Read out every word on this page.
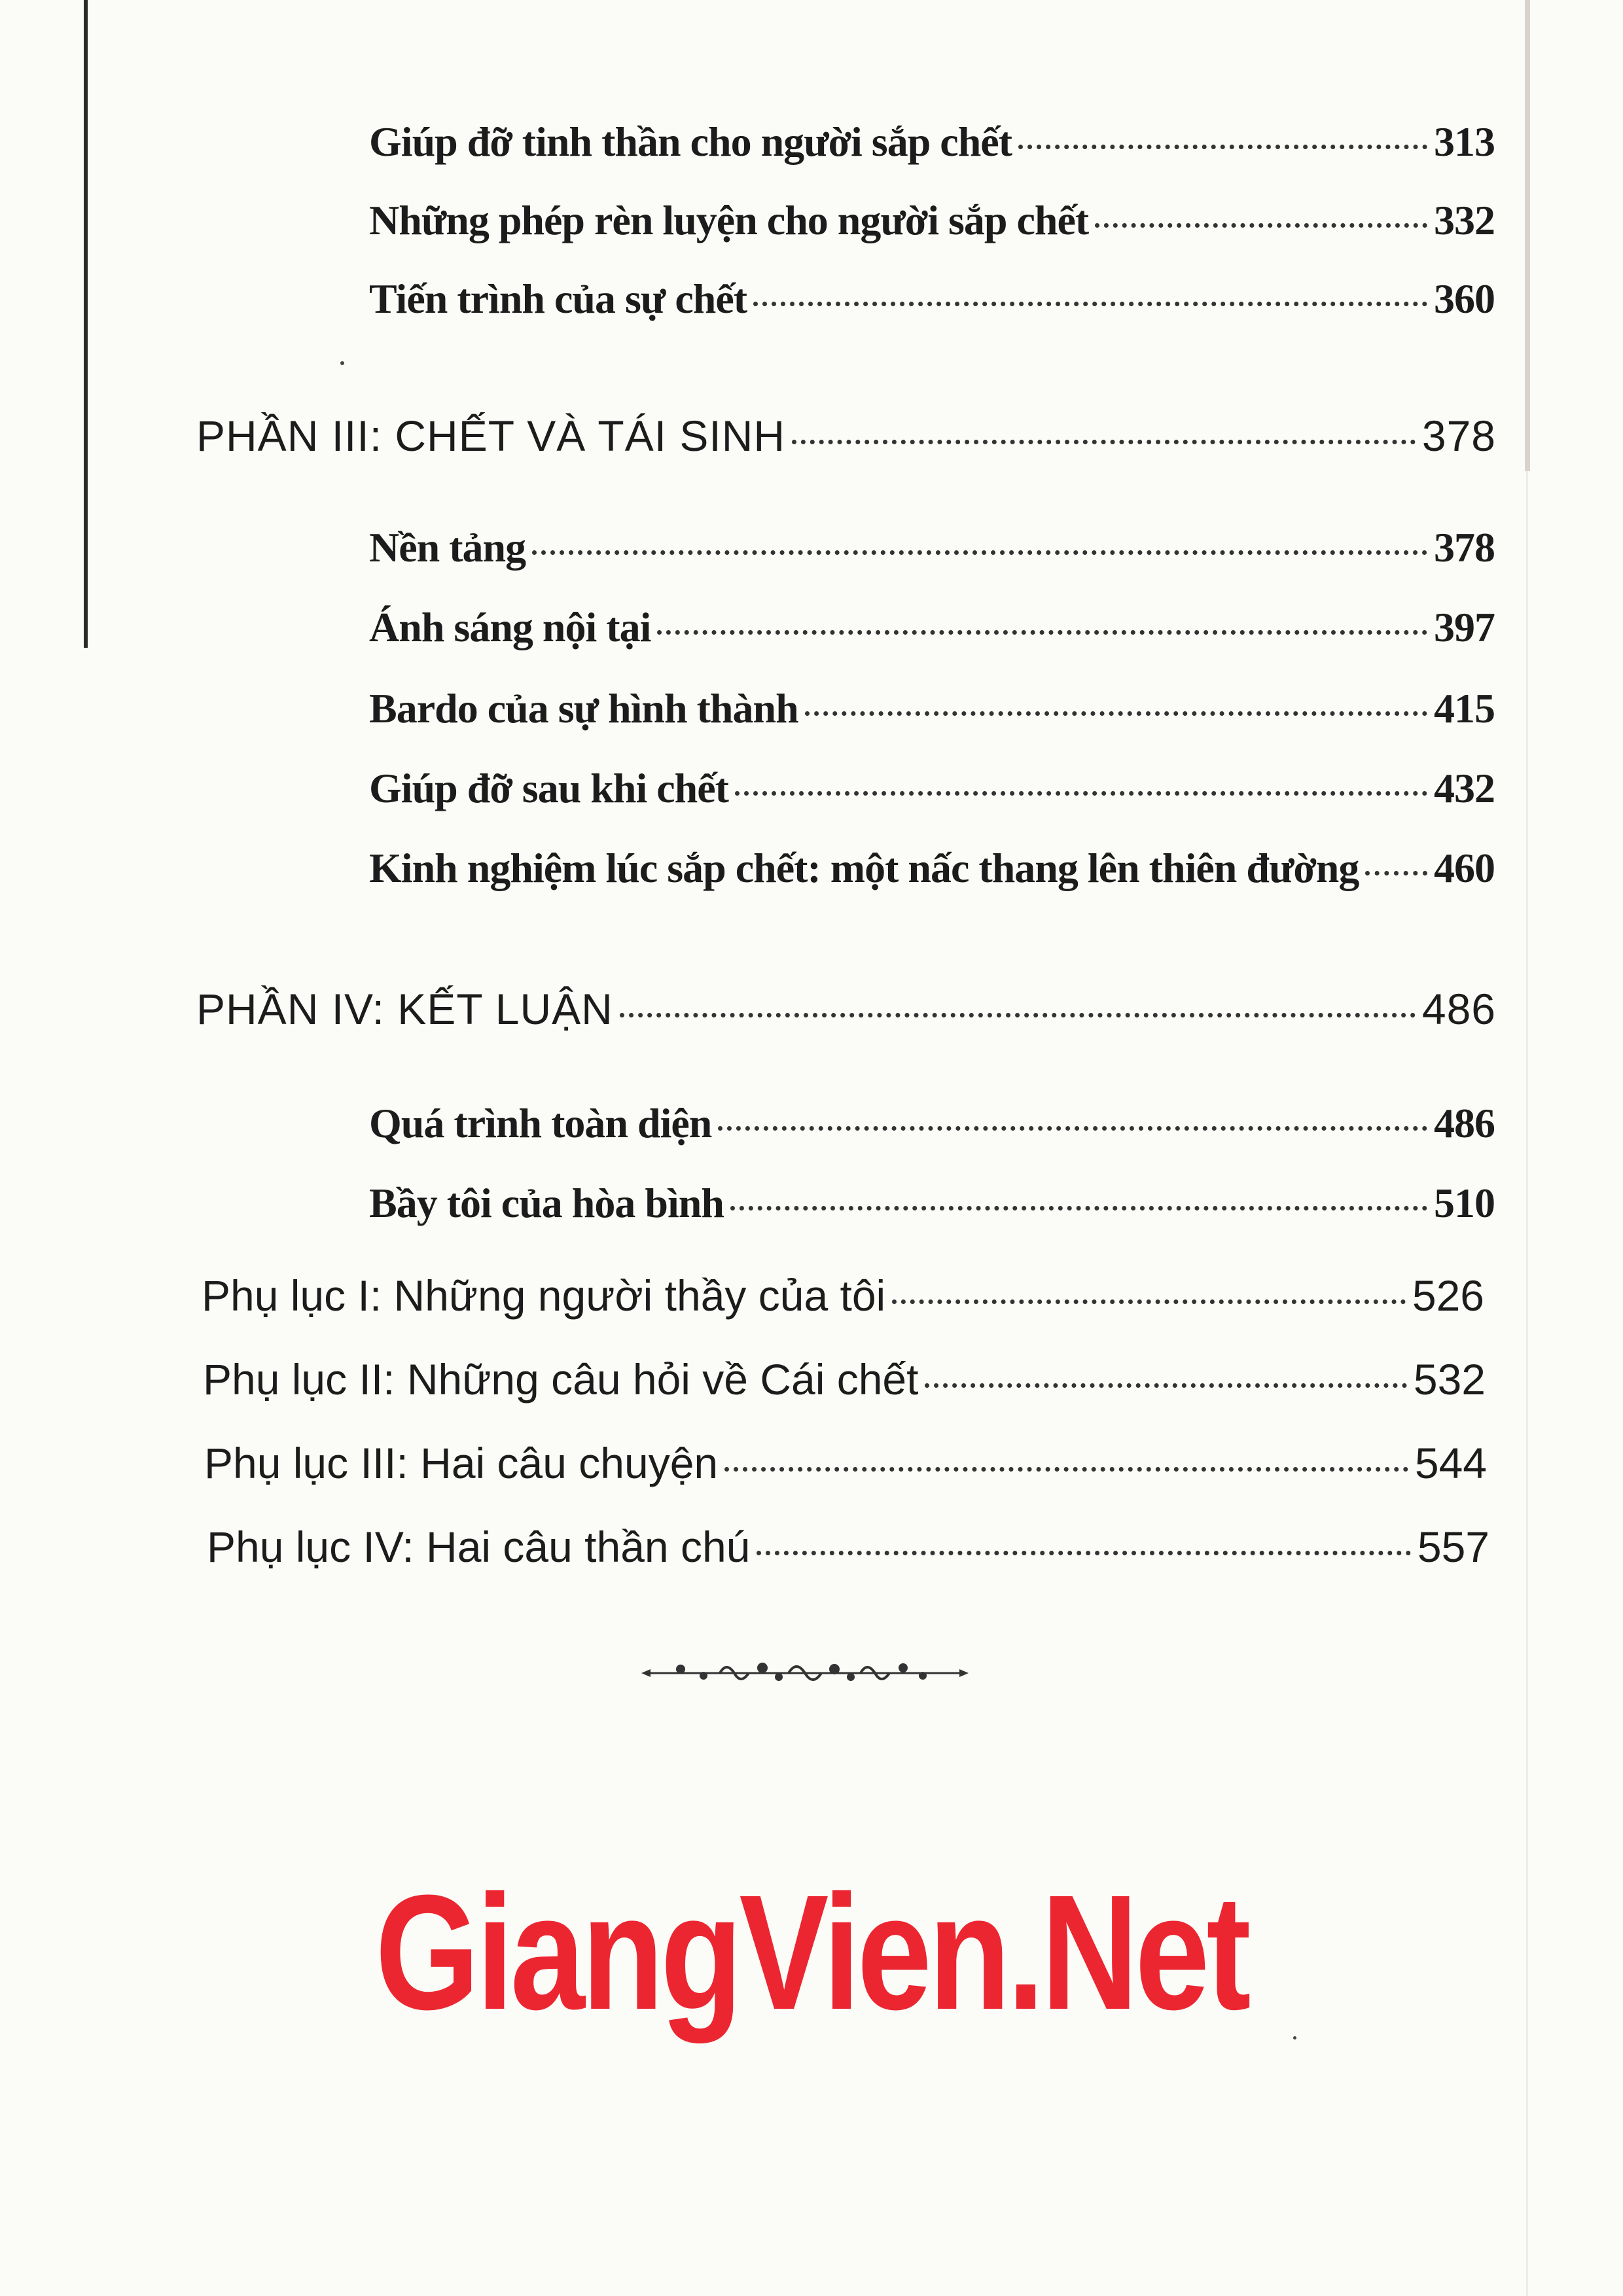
Giúp đỡ tinh thần cho người sắp chết	313
Những phép rèn luyện cho người sắp chết	332
Tiến trình của sự chết	360
PHẦN III: CHẾT VÀ TÁI SINH	378
Nền tảng	378
Ánh sáng nội tại	397
Bardo của sự hình thành	415
Giúp đỡ sau khi chết	432
Kinh nghiệm lúc sắp chết: một nấc thang lên thiên đường 460
PHẦN IV: KẾT LUẬN	486
Quá trình toàn diện	486
Bầy tôi của hòa bình	510
Phụ lục I: Những người thầy của tôi	526
Phụ lục II: Những câu hỏi về Cái chết	532
Phụ lục III: Hai câu chuyện	544
Phụ lục IV: Hai câu thần chú	557
GiangVien.Net
